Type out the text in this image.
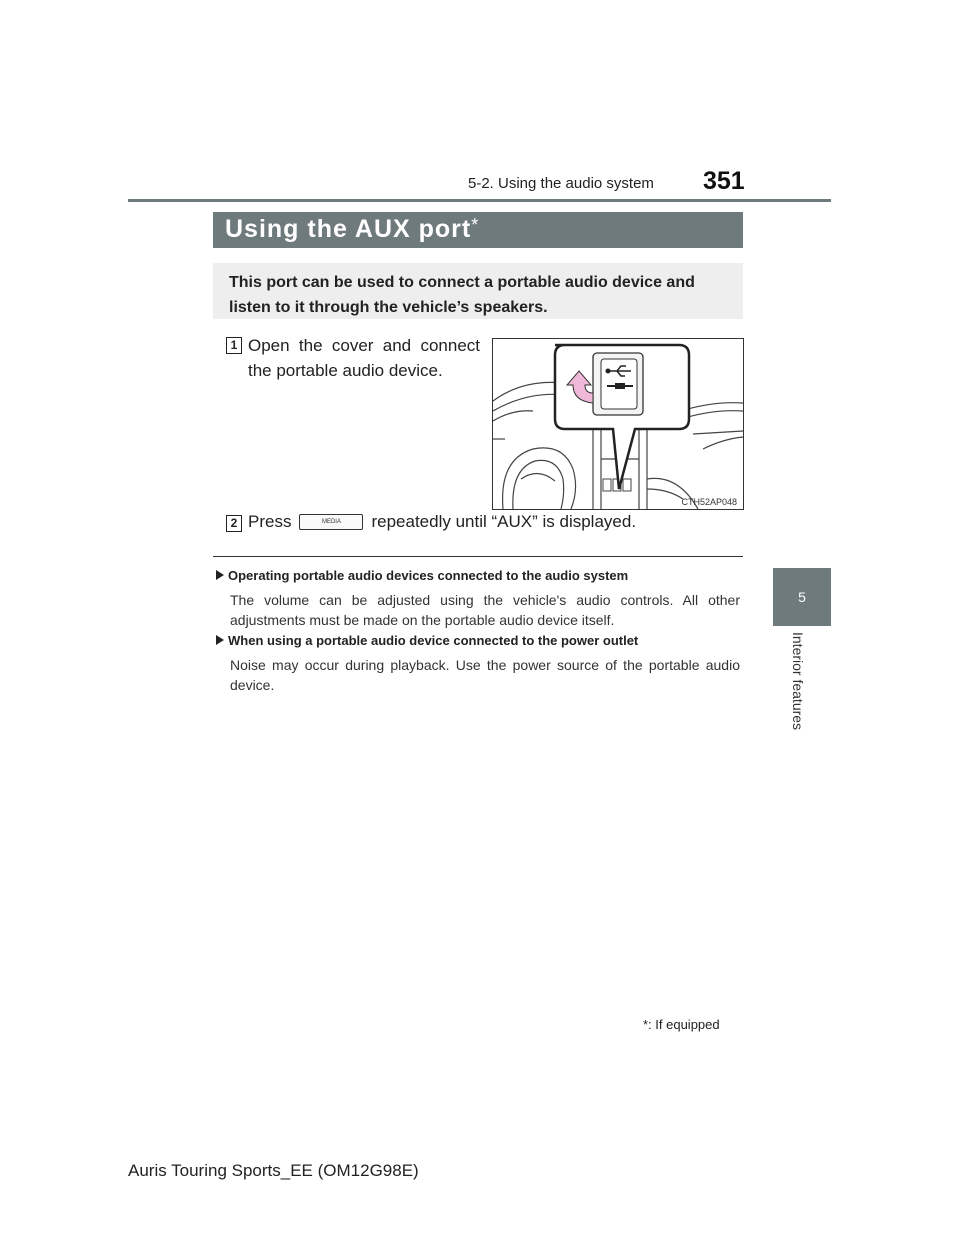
5-2. Using the audio system 351
5
Interior features
Using the AUX port*
This port can be used to connect a portable audio device and listen to it through the vehicle’s speakers.
1 Open the cover and connect the portable audio device.
CTH52AP048
2 Press	MEDIA	repeatedly until “AUX” is displayed.
Operating portable audio devices connected to the audio system
The volume can be adjusted using the vehicle's audio controls. All other adjustments must be made on the portable audio device itself.
When using a portable audio device connected to the power outlet
Noise may occur during playback. Use the power source of the portable audio device.
*: If equipped
Auris Touring Sports_EE (OM12G98E)
